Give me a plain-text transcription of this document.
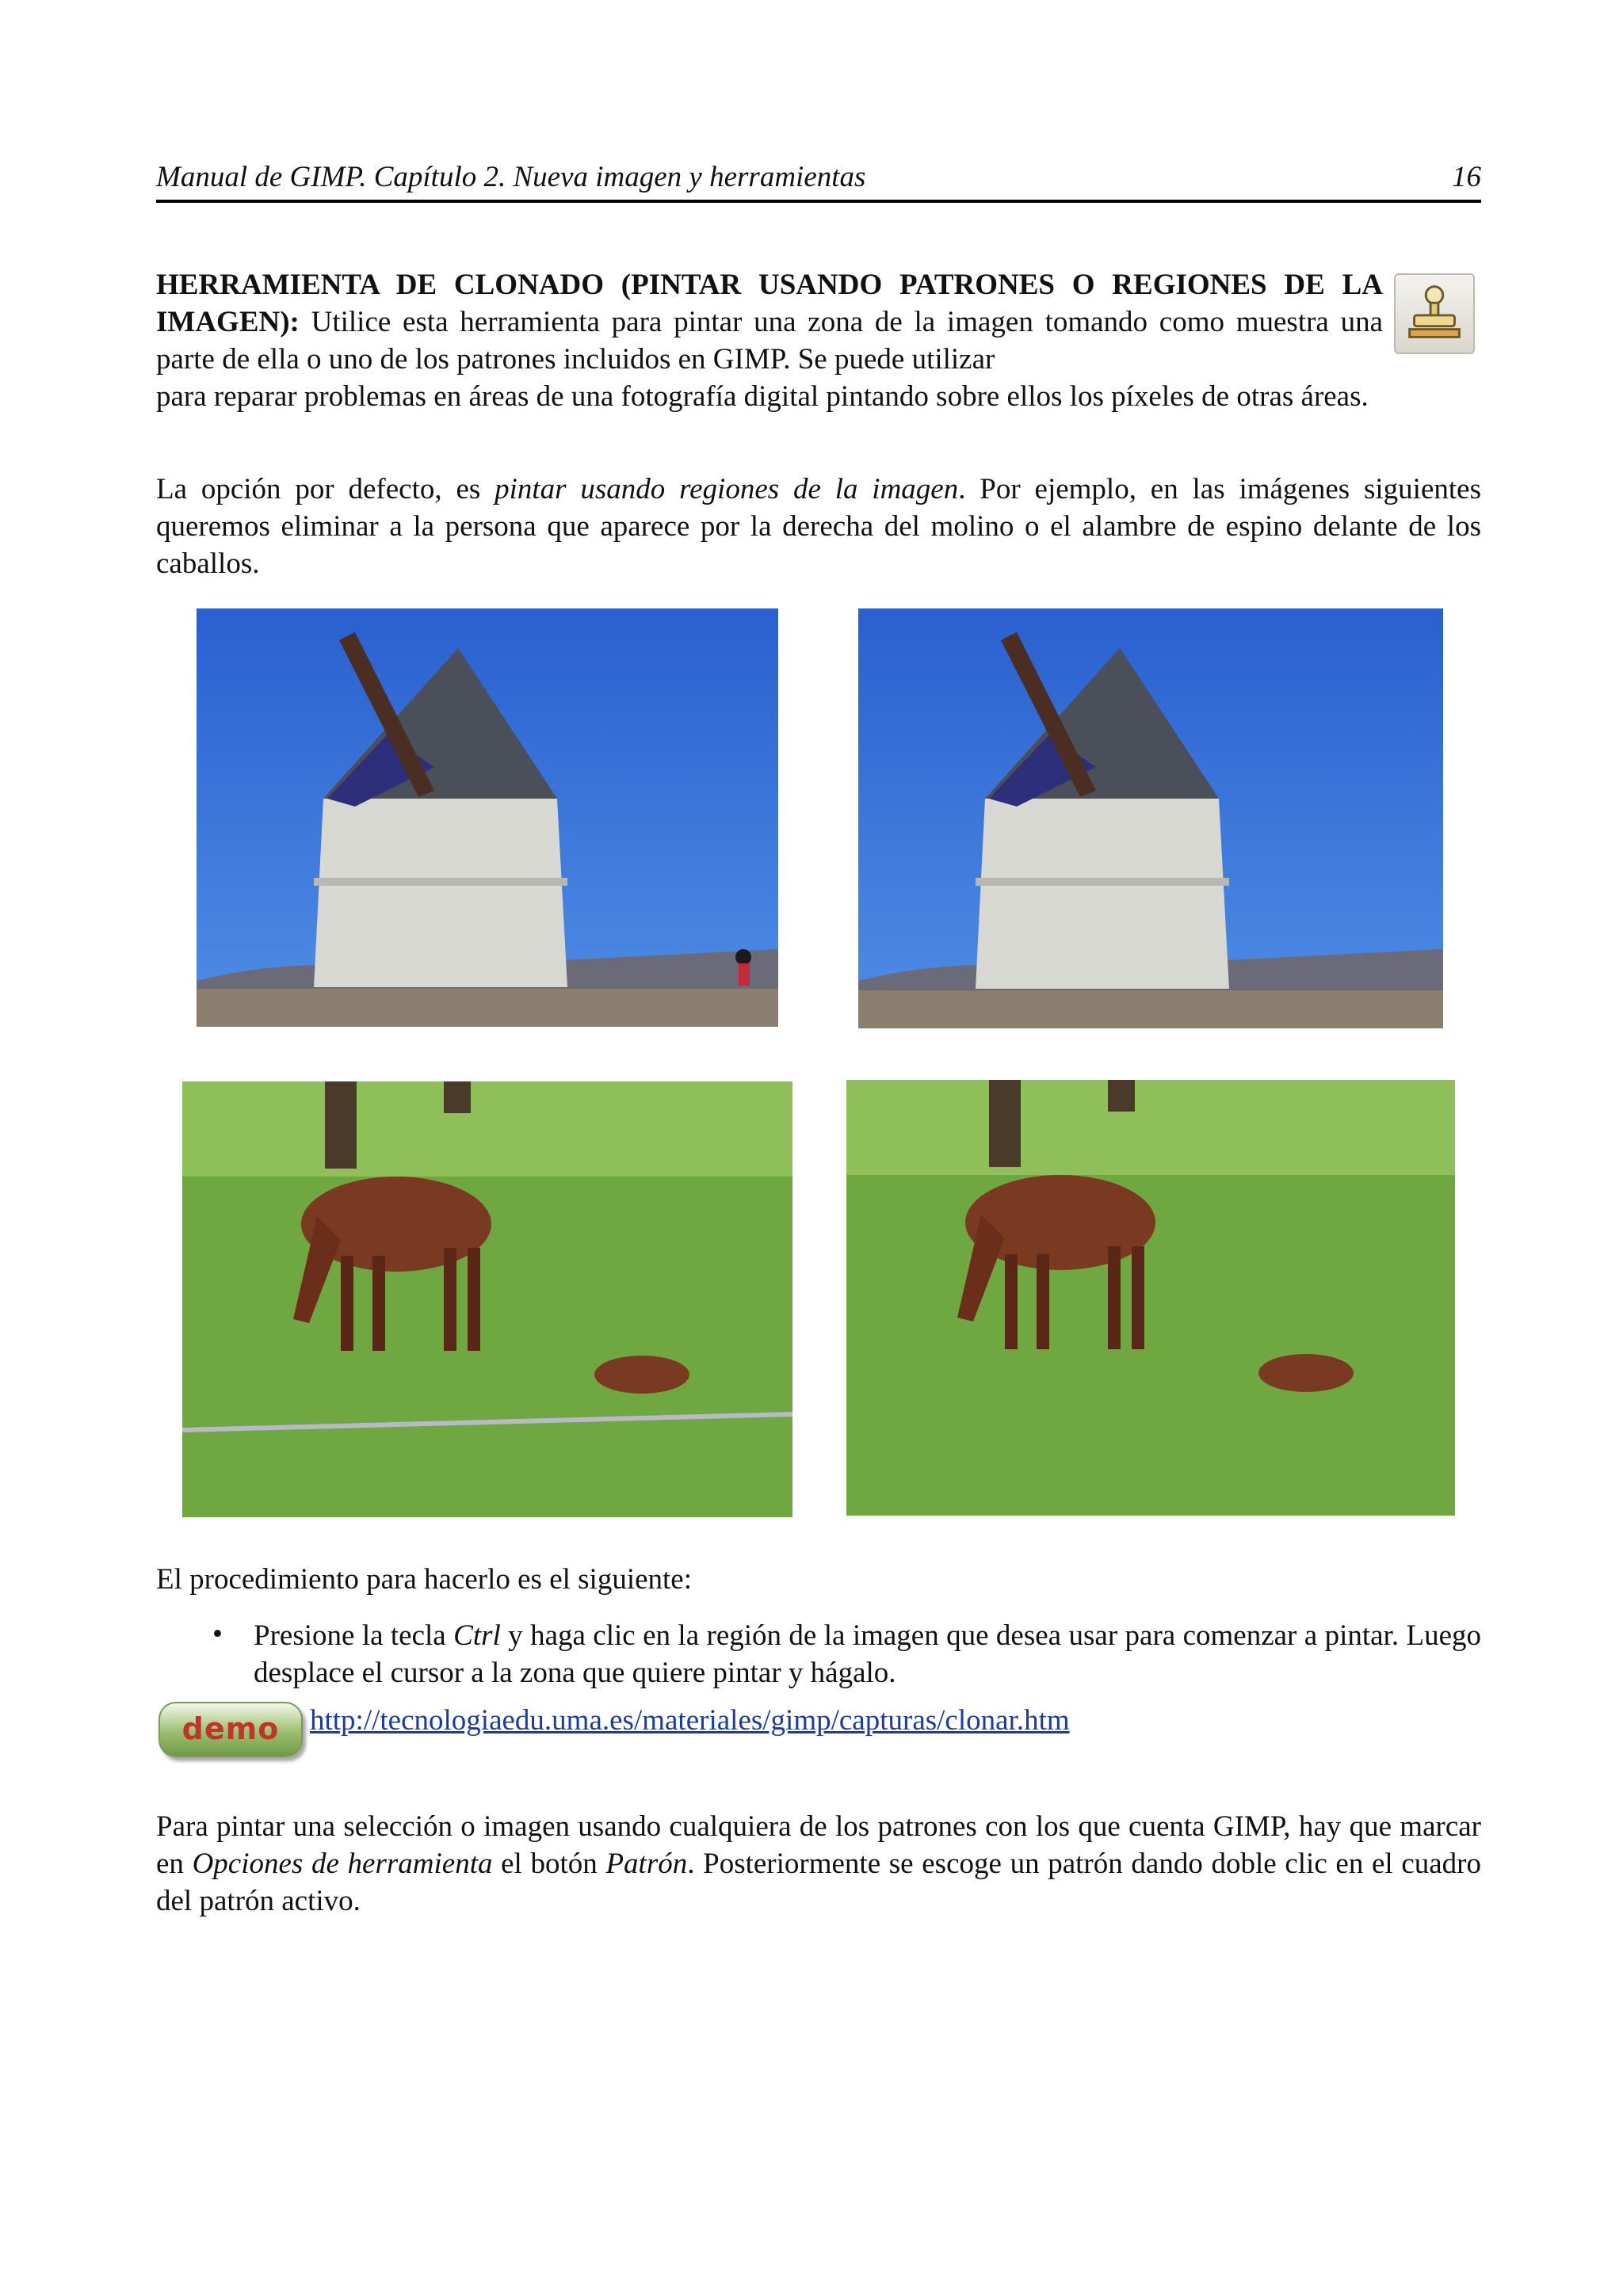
Manual de GIMP. Capítulo 2. Nueva imagen y herramientas	16

HERRAMIENTA DE CLONADO (PINTAR USANDO PATRONES O REGIONES DE LA IMAGEN): Utilice esta herramienta para pintar una zona de la imagen tomando como muestra una parte de ella o uno de los patrones incluidos en GIMP. Se puede utilizar

para reparar problemas en áreas de una fotografía digital pintando sobre ellos los píxeles de otras áreas.

La opción por defecto, es pintar usando regiones de la imagen. Por ejemplo, en las imágenes siguientes queremos eliminar a la persona que aparece por la derecha del molino o el alambre de espino delante de los caballos.

El procedimiento para hacerlo es el siguiente:

• Presione la tecla Ctrl y haga clic en la región de la imagen que desea usar para comenzar a pintar. Luego desplace el cursor a la zona que quiere pintar y hágalo.
demo	http://tecnologiaedu.uma.es/materiales/gimp/capturas/clonar.htm

Para pintar una selección o imagen usando cualquiera de los patrones con los que cuenta GIMP, hay que marcar en Opciones de herramienta el botón Patrón. Posteriormente se escoge un patrón dando doble clic en el cuadro del patrón activo.
